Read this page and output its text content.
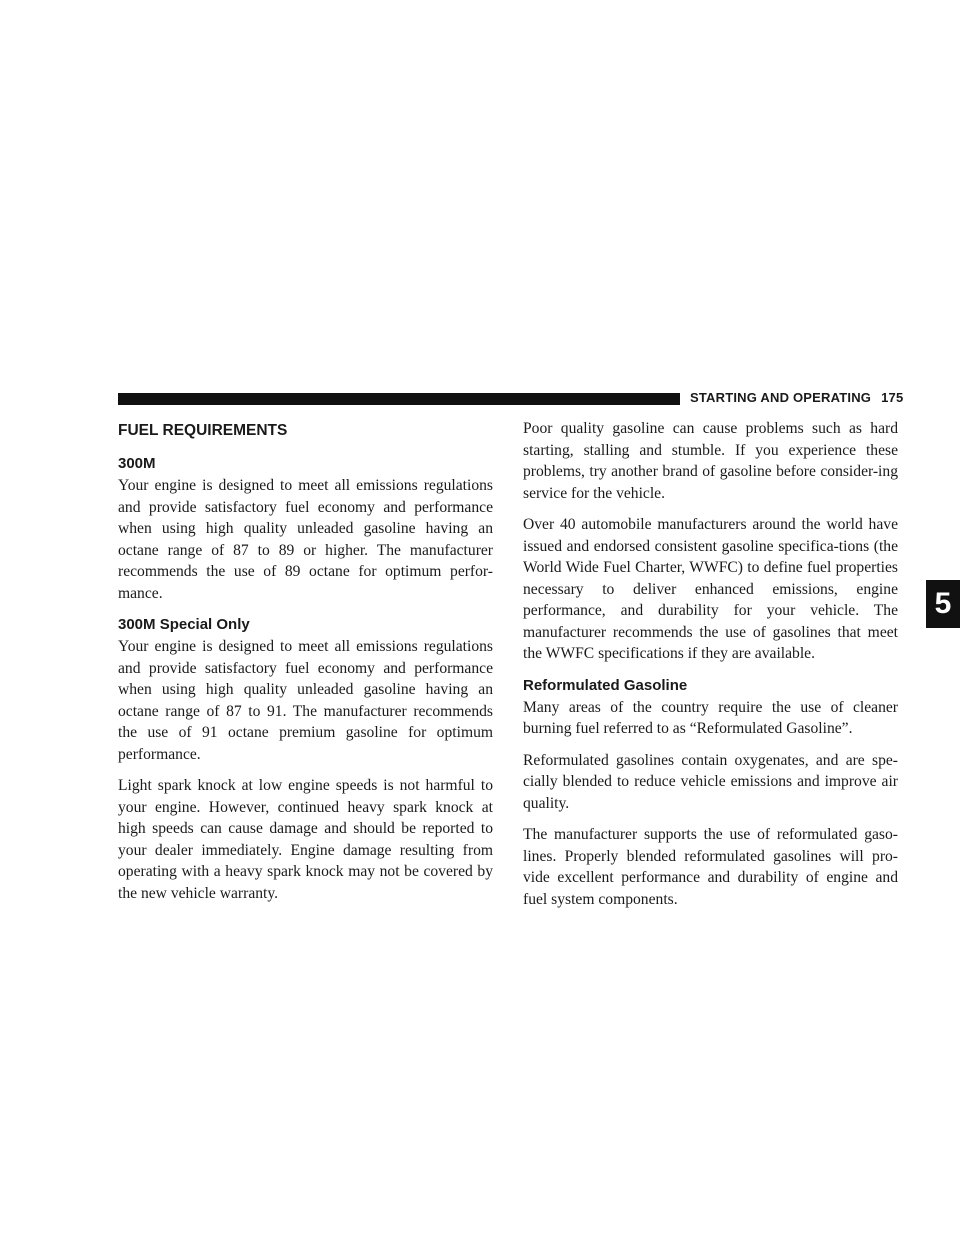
STARTING AND OPERATING 175
5
FUEL REQUIREMENTS
300M

Your engine is designed to meet all emissions regulations and provide satisfactory fuel economy and performance when using high quality unleaded gasoline having an octane range of 87 to 89 or higher. The manufacturer recommends the use of 89 octane for optimum perfor-mance.

300M Special Only

Your engine is designed to meet all emissions regulations and provide satisfactory fuel economy and performance when using high quality unleaded gasoline having an octane range of 87 to 91. The manufacturer recommends the use of 91 octane premium gasoline for optimum performance.

Light spark knock at low engine speeds is not harmful to your engine. However, continued heavy spark knock at high speeds can cause damage and should be reported to your dealer immediately. Engine damage resulting from operating with a heavy spark knock may not be covered by the new vehicle warranty.

Poor quality gasoline can cause problems such as hard starting, stalling and stumble. If you experience these problems, try another brand of gasoline before consider-ing service for the vehicle.

Over 40 automobile manufacturers around the world have issued and endorsed consistent gasoline specifica-tions (the World Wide Fuel Charter, WWFC) to define fuel properties necessary to deliver enhanced emissions, engine performance, and durability for your vehicle. The manufacturer recommends the use of gasolines that meet the WWFC specifications if they are available.

Reformulated Gasoline

Many areas of the country require the use of cleaner burning fuel referred to as “Reformulated Gasoline”.

Reformulated gasolines contain oxygenates, and are spe-cially blended to reduce vehicle emissions and improve air quality.

The manufacturer supports the use of reformulated gaso-lines. Properly blended reformulated gasolines will pro-vide excellent performance and durability of engine and fuel system components.
